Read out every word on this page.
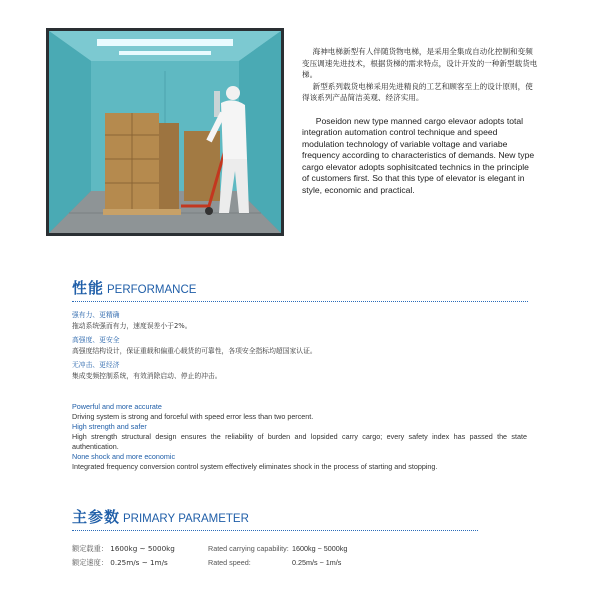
海神电梯新型有人伴随货物电梯，是采用全集成自动化控制和变频变压调速先进技术，根据货梯的需求特点，设计开发的一种新型载货电梯。

新型系列载货电梯采用先进精良的工艺和顾客至上的设计原则，使得该系列产品简洁美观、经济实用。

Poseidon new type manned cargo elevaor adopts total integration automation control technique and speed modulation technology of variable voltage and variabe frequency according to characteristics of demands. New type cargo elevator adopts sophisitcated technics in the principle of customers first. So that this type of elevator is elegant in style, economic and practical.

性能 PERFORMANCE

强有力、更精确

拖动系统强而有力，速度误差小于2%。

高强度、更安全

高强度结构设计，保证重载和偏重心载货的可靠性，各项安全指标均超国家认证。

无冲击、更经济

集成变频控制系统，有效消除启动、停止的冲击。

Powerful and more accurate

Driving system is strong and forceful with speed error less than two percent.

High strength and safer

High strength structural design ensures the reliability of burden and lopsided carry cargo; every safety index has passed the state authentication.

None shock and more economic

Integrated frequency conversion control system effectively eliminates shock in the process of starting and stopping.

主参数 PRIMARY PARAMETER
额定载重： 1600kg ~ 5000kg
额定速度： 0.25m/s ~ 1m/s
Rated carrying capability: 1600kg ~ 5000kg
Rated speed:	0.25m/s ~ 1m/s
